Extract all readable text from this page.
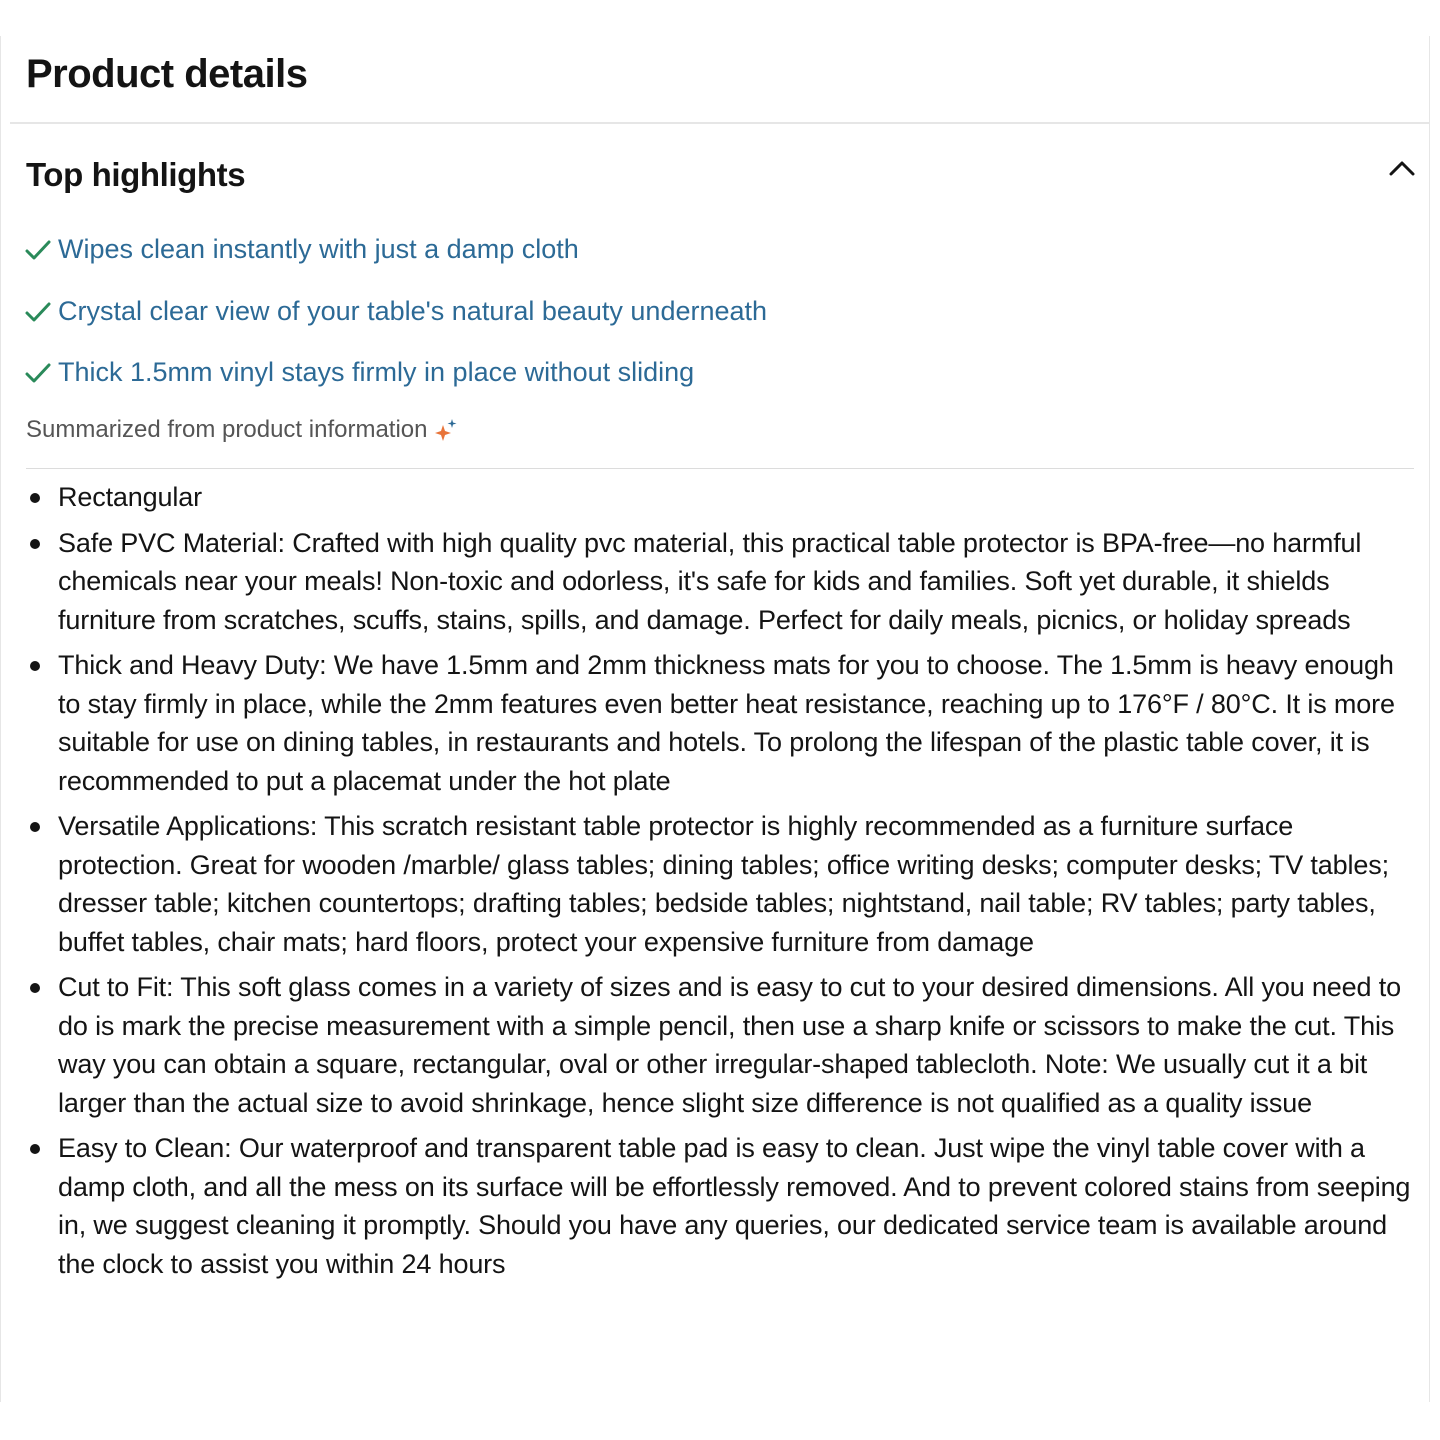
Product details
Top highlights
Wipes clean instantly with just a damp cloth
Crystal clear view of your table's natural beauty underneath
Thick 1.5mm vinyl stays firmly in place without sliding
Summarized from product information
Rectangular
Safe PVC Material: Crafted with high quality pvc material, this practical table protector is BPA-free—no harmful chemicals near your meals! Non-toxic and odorless, it's safe for kids and families. Soft yet durable, it shields furniture from scratches, scuffs, stains, spills, and damage. Perfect for daily meals, picnics, or holiday spreads
Thick and Heavy Duty: We have 1.5mm and 2mm thickness mats for you to choose. The 1.5mm is heavy enough to stay firmly in place, while the 2mm features even better heat resistance, reaching up to 176°F / 80°C. It is more suitable for use on dining tables, in restaurants and hotels. To prolong the lifespan of the plastic table cover, it is recommended to put a placemat under the hot plate
Versatile Applications: This scratch resistant table protector is highly recommended as a furniture surface protection. Great for wooden /marble/ glass tables; dining tables; office writing desks; computer desks; TV tables; dresser table; kitchen countertops; drafting tables; bedside tables; nightstand, nail table; RV tables; party tables, buffet tables, chair mats; hard floors, protect your expensive furniture from damage
Cut to Fit: This soft glass comes in a variety of sizes and is easy to cut to your desired dimensions. All you need to do is mark the precise measurement with a simple pencil, then use a sharp knife or scissors to make the cut. This way you can obtain a square, rectangular, oval or other irregular-shaped tablecloth. Note: We usually cut it a bit larger than the actual size to avoid shrinkage, hence slight size difference is not qualified as a quality issue
Easy to Clean: Our waterproof and transparent table pad is easy to clean. Just wipe the vinyl table cover with a damp cloth, and all the mess on its surface will be effortlessly removed. And to prevent colored stains from seeping in, we suggest cleaning it promptly. Should you have any queries, our dedicated service team is available around the clock to assist you within 24 hours
